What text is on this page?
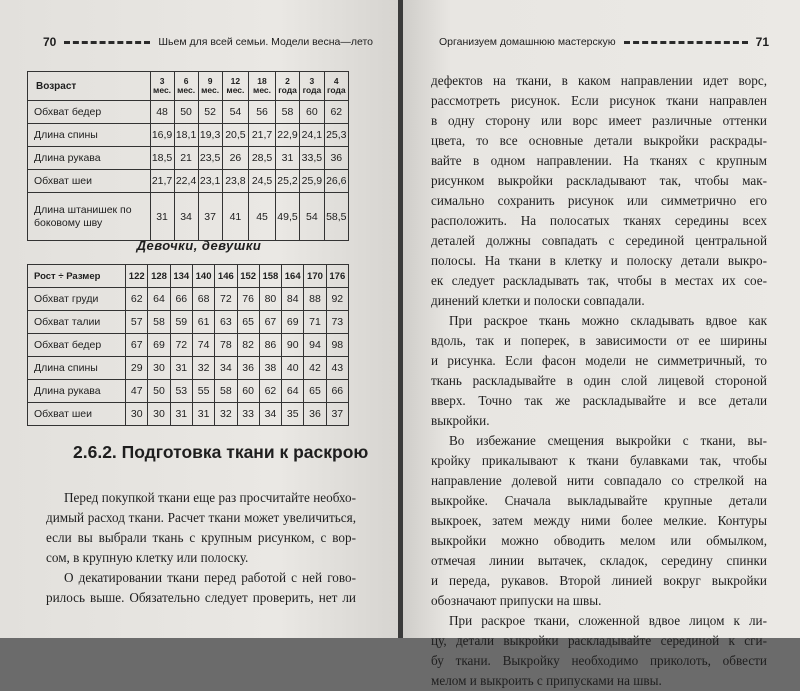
70	Шьем для всей семьи. Модели весна—лето
Возраст	3 мес.	6 мес.	9 мес.	12 мес.	18 мес.	2 года	3 года	4 года
Обхват бедер	48	50	52	54	56	58	60	62
Длина спины	16,9	18,1	19,3	20,5	21,7	22,9	24,1	25,3
Длина рукава	18,5	21	23,5	26	28,5	31	33,5	36
Обхват шеи	21,7	22,4	23,1	23,8	24,5	25,2	25,9	26,6
Длина штанишек по боковому шву	31	34	37	41	45	49,5	54	58,5
Девочки, девушки
Рост ÷ Размер	122	128	134	140	146	152	158	164	170	176
Обхват груди	62	64	66	68	72	76	80	84	88	92
Обхват талии	57	58	59	61	63	65	67	69	71	73
Обхват бедер	67	69	72	74	78	82	86	90	94	98
Длина спины	29	30	31	32	34	36	38	40	42	43
Длина рукава	47	50	53	55	58	60	62	64	65	66
Обхват шеи	30	30	31	31	32	33	34	35	36	37
2.6.2. Подготовка ткани к раскрою
Перед покупкой ткани еще раз просчитайте необхо-
димый расход ткани. Расчет ткани может увеличиться,
если вы выбрали ткань с крупным рисунком, с вор-
сом, в крупную клетку или полоску.
О декатировании ткани перед работой с ней гово-
рилось выше. Обязательно следует проверить, нет ли
Организуем домашнюю мастерскую	71
дефектов на ткани, в каком направлении идет ворс,
рассмотреть рисунок. Если рисунок ткани направлен
в одну сторону или ворс имеет различные оттенки
цвета, то все основные детали выкройки раскрады-
вайте в одном направлении. На тканях с крупным
рисунком выкройки раскладывают так, чтобы мак-
симально сохранить рисунок или симметрично его
расположить. На полосатых тканях середины всех
деталей должны совпадать с серединой центральной
полосы. На ткани в клетку и полоску детали выкро-
ек следует раскладывать так, чтобы в местах их сое-
динений клетки и полоски совпадали.
При раскрое ткань можно складывать вдвое как
вдоль, так и поперек, в зависимости от ее ширины
и рисунка. Если фасон модели не симметричный, то
ткань раскладывайте в один слой лицевой стороной
вверх. Точно так же раскладывайте и все детали
выкройки.
Во избежание смещения выкройки с ткани, вы-
кройку прикалывают к ткани булавками так, чтобы
направление долевой нити совпадало со стрелкой на
выкройке. Сначала выкладывайте крупные детали
выкроек, затем между ними более мелкие. Контуры
выкройки можно обводить мелом или обмылком,
отмечая линии вытачек, складок, середину спинки
и переда, рукавов. Второй линией вокруг выкройки
обозначают припуски на швы.
При раскрое ткани, сложенной вдвое лицом к ли-
цу, детали выкройки раскладывайте серединой к сги-
бу ткани. Выкройку необходимо приколоть, обвести
мелом и выкроить с припусками на швы.
